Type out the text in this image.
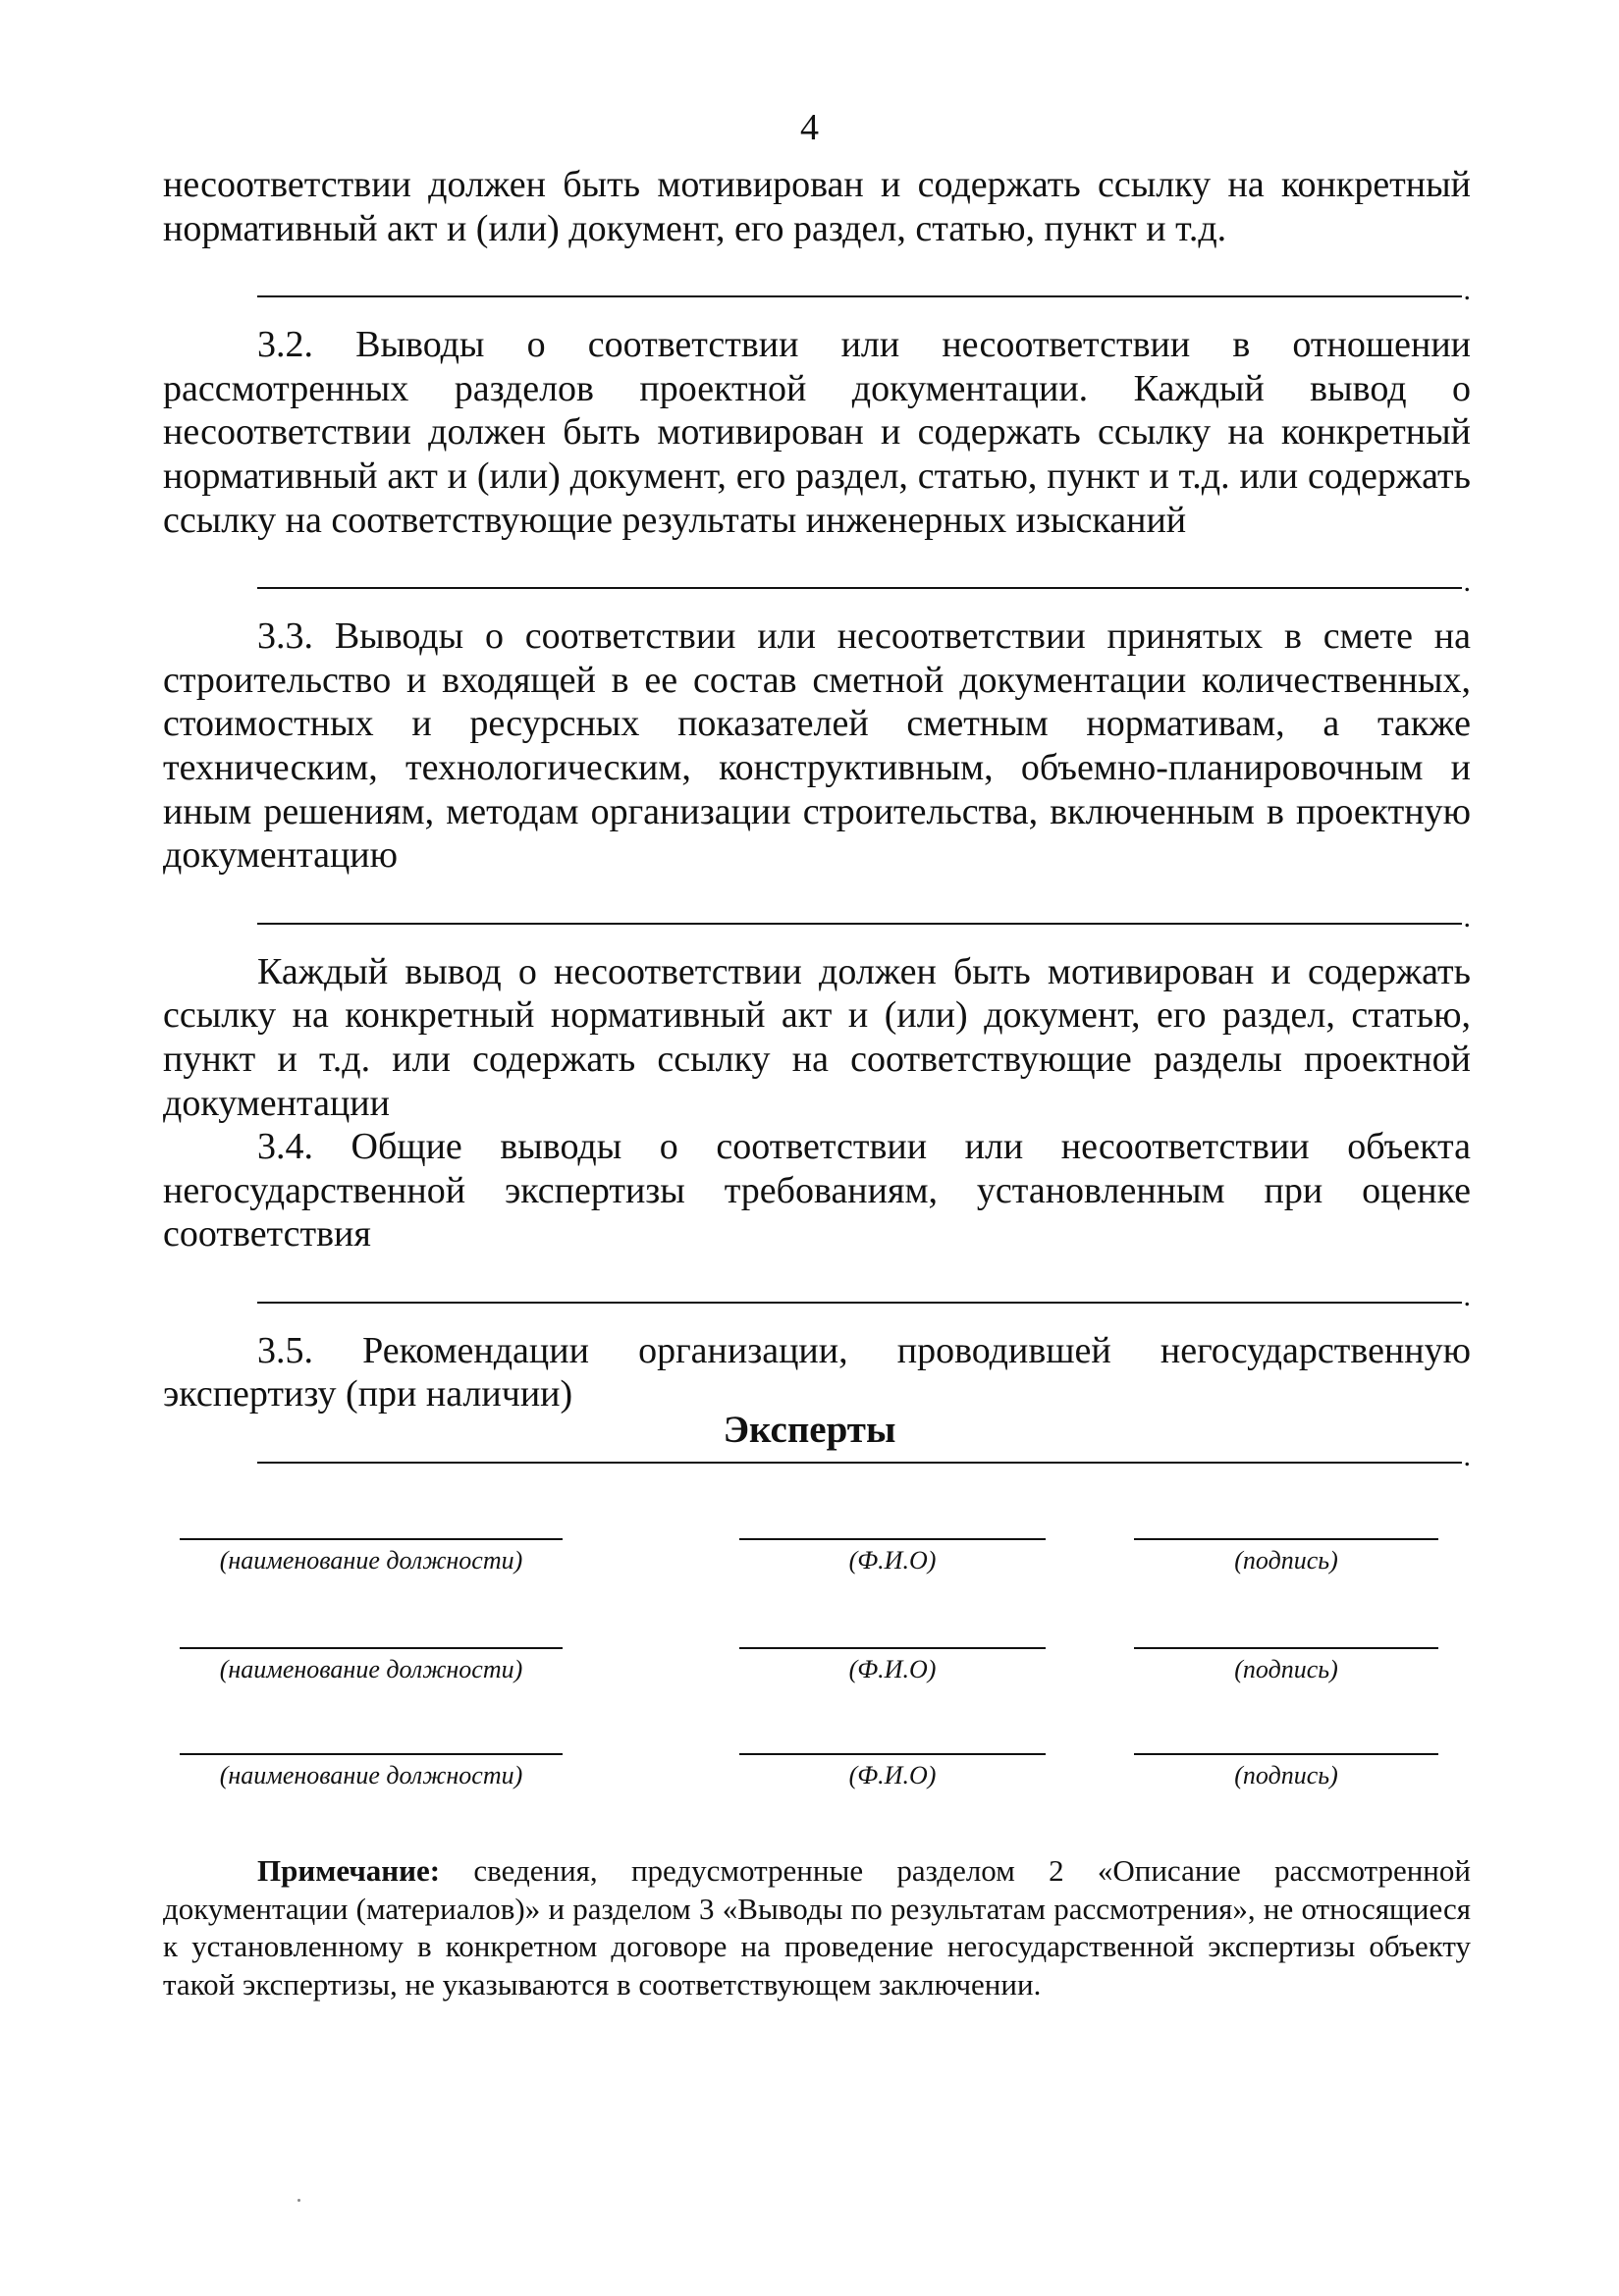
4

несоответствии должен быть мотивирован и содержать ссылку на конкретный нормативный акт и (или) документ, его раздел, статью, пункт и т.д.

.

3.2. Выводы о соответствии или несоответствии в отношении рассмотренных разделов проектной документации. Каждый вывод о несоответствии должен быть мотивирован и содержать ссылку на конкретный нормативный акт и (или) документ, его раздел, статью, пункт и т.д. или содержать ссылку на соответствующие результаты инженерных изысканий

.

3.3. Выводы о соответствии или несоответствии принятых в смете на строительство и входящей в ее состав сметной документации количественных, стоимостных и ресурсных показателей сметным нормативам, а также техническим, технологическим, конструктивным, объемно-планировочным и иным решениям, методам организации строительства, включенным в проектную документацию

.

Каждый вывод о несоответствии должен быть мотивирован и содержать ссылку на конкретный нормативный акт и (или) документ, его раздел, статью, пункт и т.д. или содержать ссылку на соответствующие разделы проектной документации

3.4. Общие выводы о соответствии или несоответствии объекта негосударственной экспертизы требованиям, установленным при оценке соответствия

.

3.5. Рекомендации организации, проводившей негосударственную экспертизу (при наличии)

.
Эксперты
(наименование должности)	(Ф.И.О)	(подпись)
(наименование должности)	(Ф.И.О)	(подпись)
(наименование должности)	(Ф.И.О)	(подпись)
Примечание: сведения, предусмотренные разделом 2 «Описание рассмотренной документации (материалов)» и разделом 3 «Выводы по результатам рассмотрения», не относящиеся к установленному в конкретном договоре на проведение негосударственной экспертизы объекту такой экспертизы, не указываются в соответствующем заключении.
